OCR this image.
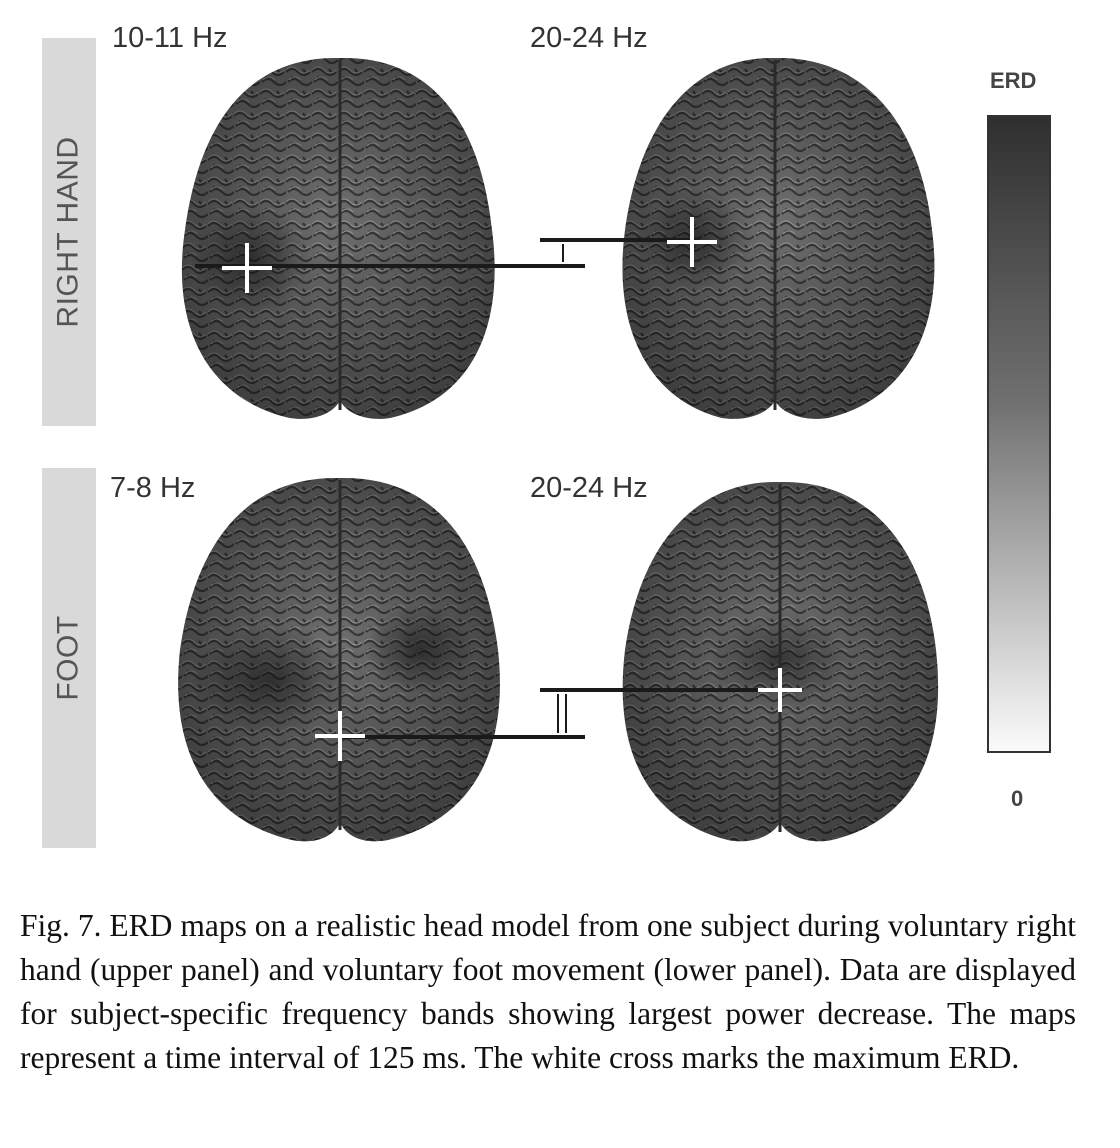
RIGHT HAND
FOOT
10-11 Hz	20-24 Hz
7-8 Hz	20-24 Hz
ERD
0

Fig. 7. ERD maps on a realistic head model from one subject during voluntary right hand (upper panel) and voluntary foot movement (lower panel). Data are displayed for subject-specific frequency bands showing largest power decrease. The maps represent a time interval of 125 ms. The white cross marks the maximum ERD.
